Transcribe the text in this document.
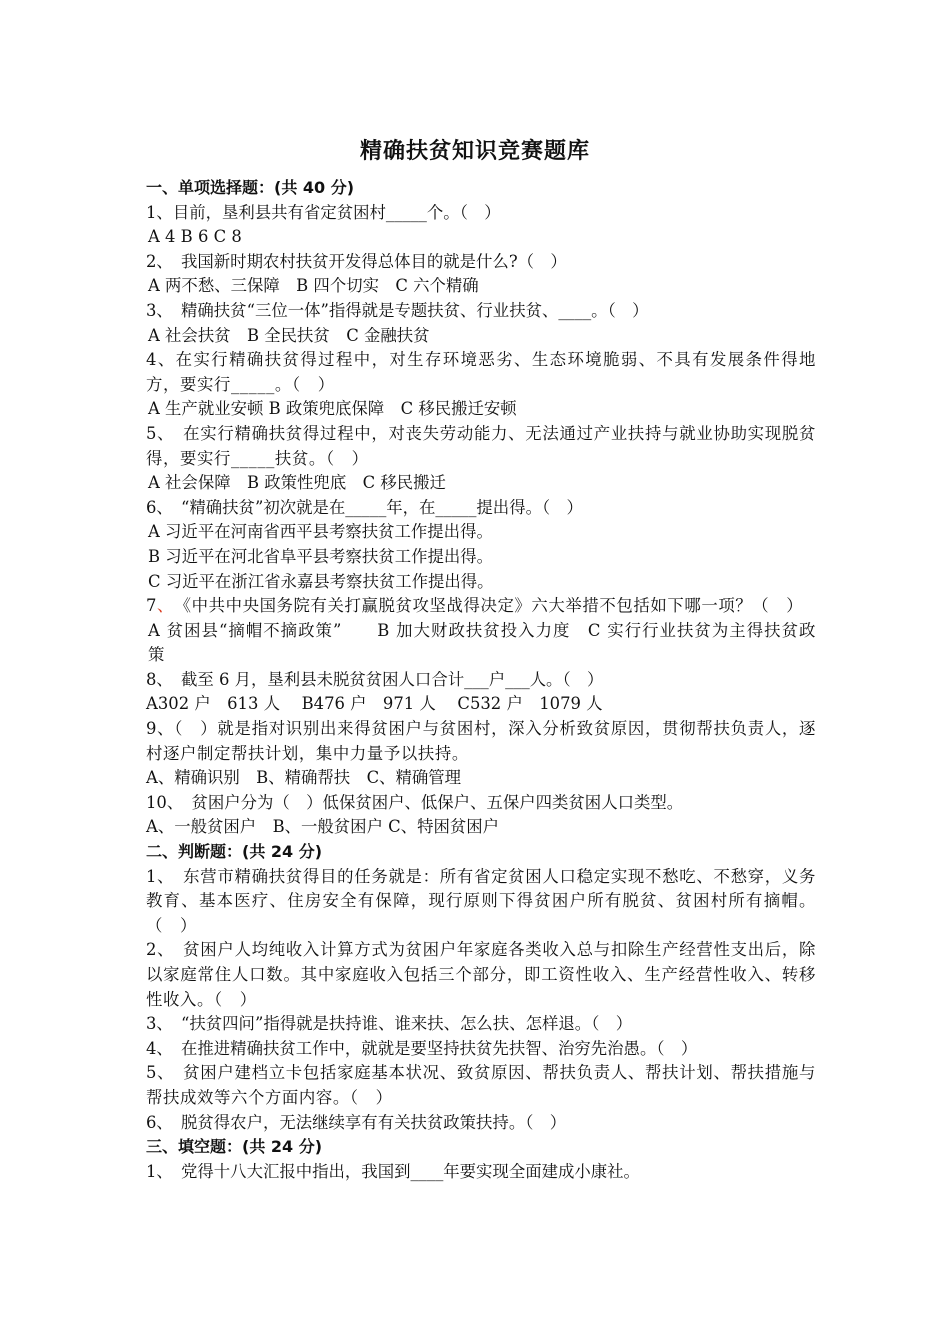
精确扶贫知识竞赛题库
一、单项选择题：(共 40 分)
1、目前，垦利县共有省定贫困村_____个。（　）
A 4 B 6 C 8
2、　我国新时期农村扶贫开发得总体目的就是什么?（　）
A 两不愁、三保障　B 四个切实　C 六个精确
3、　精确扶贫“三位一体”指得就是专题扶贫、行业扶贫、____。（　）
A 社会扶贫　B 全民扶贫　C 金融扶贫
4、在实行精确扶贫得过程中，对生存环境恶劣、生态环境脆弱、不具有发展条件得地方，要实行_____。（　）
A 生产就业安顿 B 政策兜底保障　C 移民搬迁安顿
5、　在实行精确扶贫得过程中，对丧失劳动能力、无法通过产业扶持与就业协助实现脱贫得，要实行_____扶贫。（　）
A 社会保障　B 政策性兜底　C 移民搬迁
6、　“精确扶贫”初次就是在_____年，在_____提出得。（　）
A 习近平在河南省西平县考察扶贫工作提出得。
B 习近平在河北省阜平县考察扶贫工作提出得。
C 习近平在浙江省永嘉县考察扶贫工作提出得。
7、　《中共中央国务院有关打赢脱贫攻坚战得决定》六大举措不包括如下哪一项？（　）
A 贫困县“摘帽不摘政策”　　B 加大财政扶贫投入力度　C 实行行业扶贫为主得扶贫政策
8、　截至 6 月，垦利县未脱贫贫困人口合计___户___人。（　）
A302 户　613 人　 B476 户　971 人　 C532 户　1079 人
9、（　）就是指对识别出来得贫困户与贫困村，深入分析致贫原因，贯彻帮扶负责人，逐村逐户制定帮扶计划，集中力量予以扶持。
A、精确识别　B、精确帮扶　C、精确管理
10、　贫困户分为（　）低保贫困户、低保户、五保户四类贫困人口类型。
A、一般贫困户　B、一般贫困户 C、特困贫困户
二、判断题：(共 24 分)
1、　东营市精确扶贫得目的任务就是：所有省定贫困人口稳定实现不愁吃、不愁穿，义务教育、基本医疗、住房安全有保障，现行原则下得贫困户所有脱贫、贫困村所有摘帽。（　）
2、　贫困户人均纯收入计算方式为贫困户年家庭各类收入总与扣除生产经营性支出后，除以家庭常住人口数。其中家庭收入包括三个部分，即工资性收入、生产经营性收入、转移性收入。（　）
3、　“扶贫四问”指得就是扶持谁、谁来扶、怎么扶、怎样退。（　）
4、　在推进精确扶贫工作中，就就是要坚持扶贫先扶智、治穷先治愚。（　）
5、　贫困户建档立卡包括家庭基本状况、致贫原因、帮扶负责人、帮扶计划、帮扶措施与帮扶成效等六个方面内容。（　）
6、　脱贫得农户，无法继续享有有关扶贫政策扶持。（　）
三、填空题：(共 24 分)
1、　党得十八大汇报中指出，我国到____年要实现全面建成小康社。
